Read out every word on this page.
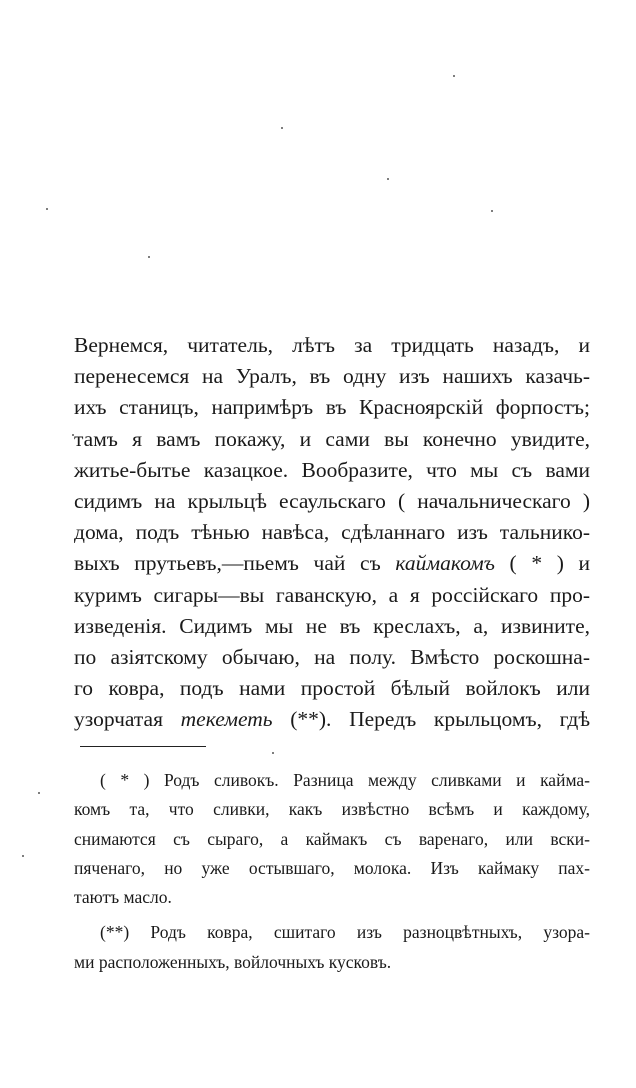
Вернемся, читатель, лѣтъ за тридцать назадъ, и
перенесемся на Уралъ, въ одну изъ нашихъ казачь-
ихъ станицъ, напримѣръ въ Красноярскій форпостъ;
тамъ я вамъ покажу, и сами вы конечно увидите,
житье-бытье казацкое. Вообразите, что мы съ вами
сидимъ на крыльцѣ есаульскаго ( начальническаго )
дома, подъ тѣнью навѣса, сдѣланнаго изъ тальнико-
выхъ прутьевъ,—пьемъ чай съ каймакомъ ( * ) и
куримъ сигары—вы гаванскую, а я россійскаго про-
изведенія. Сидимъ мы не въ креслахъ, а, извините,
по азіятскому обычаю, на полу. Вмѣсто роскошна-
го ковра, подъ нами простой бѣлый войлокъ или
узорчатая текеметь (**). Передъ крыльцомъ, гдѣ
( * ) Родъ сливокъ. Разница между сливками и кайма-
комъ та, что сливки, какъ извѣстно всѣмъ и каждому,
снимаются съ сыраго, а каймакъ съ варенаго, или вски-
пяченаго, но уже остывшаго, молока. Изъ каймаку пах-
таютъ масло.
(**) Родъ ковра, сшитаго изъ разноцвѣтныхъ, узора-
ми расположенныхъ, войлочныхъ кусковъ.
